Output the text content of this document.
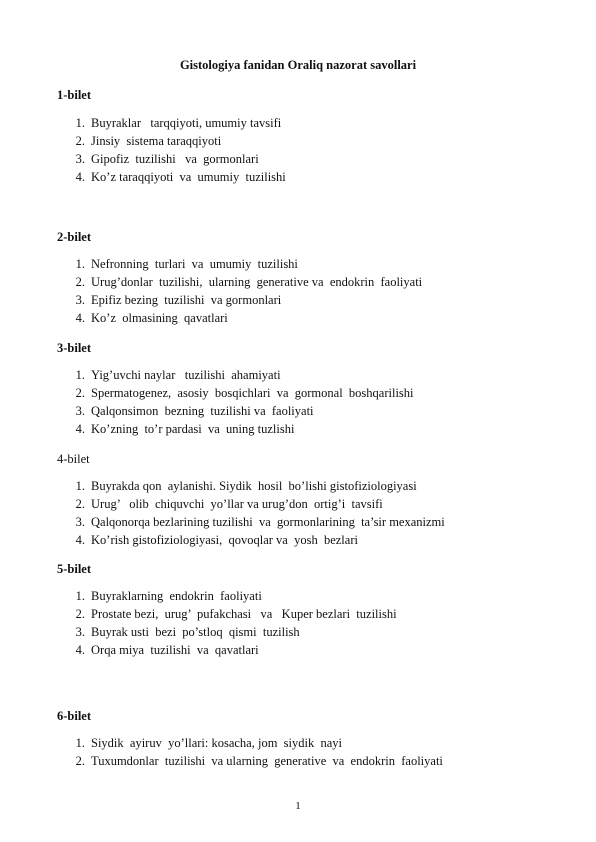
Gistologiya fanidan Oraliq nazorat savollari
1-bilet
1. Buyraklar   tarqqiyoti, umumiy tavsifi
2. Jinsiy  sistema taraqqiyoti
3. Gipofiz  tuzilishi   va  gormonlari
4. Ko’z taraqqiyoti  va  umumiy  tuzilishi
2-bilet
1. Nefronning  turlari  va  umumiy  tuzilishi
2. Urug’donlar  tuzilishi,  ularning  generative va  endokrin  faoliyati
3. Epifiz bezing  tuzilishi  va gormonlari
4. Ko’z  olmasining  qavatlari
3-bilet
1. Yig’uvchi naylar   tuzilishi  ahamiyati
2. Spermatogenez,  asosiy  bosqichlari  va  gormonal  boshqarilishi
3. Qalqonsimon  bezning  tuzilishi va  faoliyati
4. Ko’zning  to’r pardasi  va  uning tuzlishi
4-bilet
1. Buyrakda qon  aylanishi. Siydik  hosil  bo’lishi gistofiziologiyasi
2. Urug’   olib  chiquvchi  yo’llar va urug’don  ortig’i  tavsifi
3. Qalqonorqa bezlarining tuzilishi  va  gormonlarining  ta’sir mexanizmi
4. Ko’rish gistofiziologiyasi,  qovoqlar va  yosh  bezlari
5-bilet
1. Buyraklarning  endokrin  faoliyati
2. Prostate bezi,  urug’  pufakchasi   va   Kuper bezlari  tuzilishi
3. Buyrak usti  bezi  po’stloq  qismi  tuzilish
4. Orqa miya  tuzilishi  va  qavatlari
6-bilet
1. Siydik  ayiruv  yo’llari: kosacha, jom  siydik  nayi
2. Tuxumdonlar  tuzilishi  va ularning  generative  va  endokrin  faoliyati
1
